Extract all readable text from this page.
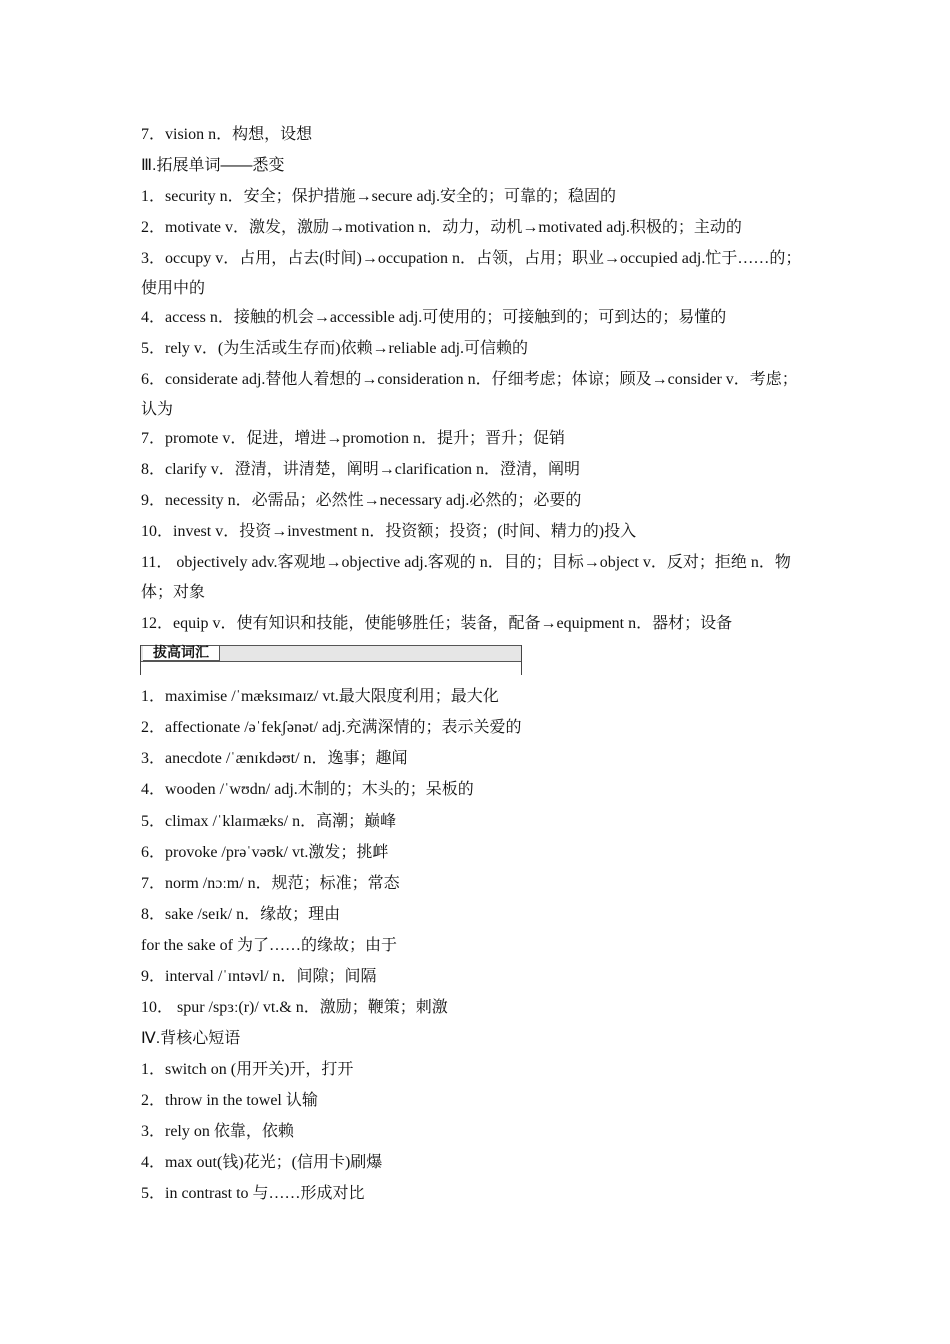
7．vision n．构想，设想
Ⅲ.拓展单词——悉变
1．security n．安全；保护措施→secure adj.安全的；可靠的；稳固的
2．motivate v．激发，激励→motivation n．动力，动机→motivated adj.积极的；主动的
3．occupy v．占用，占去(时间)→occupation n．占领，占用；职业→occupied adj.忙于……的；使用中的
4．access n．接触的机会→accessible adj.可使用的；可接触到的；可到达的；易懂的
5．rely v．(为生活或生存而)依赖→reliable adj.可信赖的
6．considerate adj.替他人着想的→consideration n．仔细考虑；体谅；顾及→consider v．考虑；认为
7．promote v．促进，增进→promotion n．提升；晋升；促销
8．clarify v．澄清，讲清楚，阐明→clarification n．澄清，阐明
9．necessity n．必需品；必然性→necessary adj.必然的；必要的
10．invest v．投资→investment n．投资额；投资；(时间、精力的)投入
11． objectively adv.客观地→objective adj.客观的 n．目的；目标→object v．反对；拒绝 n．物体；对象
12．equip v．使有知识和技能，使能够胜任；装备，配备→equipment n．器材；设备
拔高词汇
1．maximise /ˈmæksɪmaɪz/ vt.最大限度利用；最大化
2．affectionate /əˈfekʃənət/ adj.充满深情的；表示关爱的
3．anecdote /ˈænɪkdəʊt/ n．逸事；趣闻
4．wooden /ˈwʊdn/ adj.木制的；木头的；呆板的
5．climax /ˈklaɪmæks/ n．高潮；巅峰
6．provoke /prəˈvəʊk/ vt.激发；挑衅
7．norm /nɔːm/ n．规范；标准；常态
8．sake /seɪk/ n．缘故；理由
for the sake of 为了……的缘故；由于
9．interval /ˈɪntəvl/ n．间隙；间隔
10． spur /spɜː(r)/ vt.& n．激励；鞭策；刺激
Ⅳ.背核心短语
1．switch on (用开关)开，打开
2．throw in the towel 认输
3．rely on 依靠，依赖
4．max out(钱)花光；(信用卡)刷爆
5．in contrast to 与……形成对比
